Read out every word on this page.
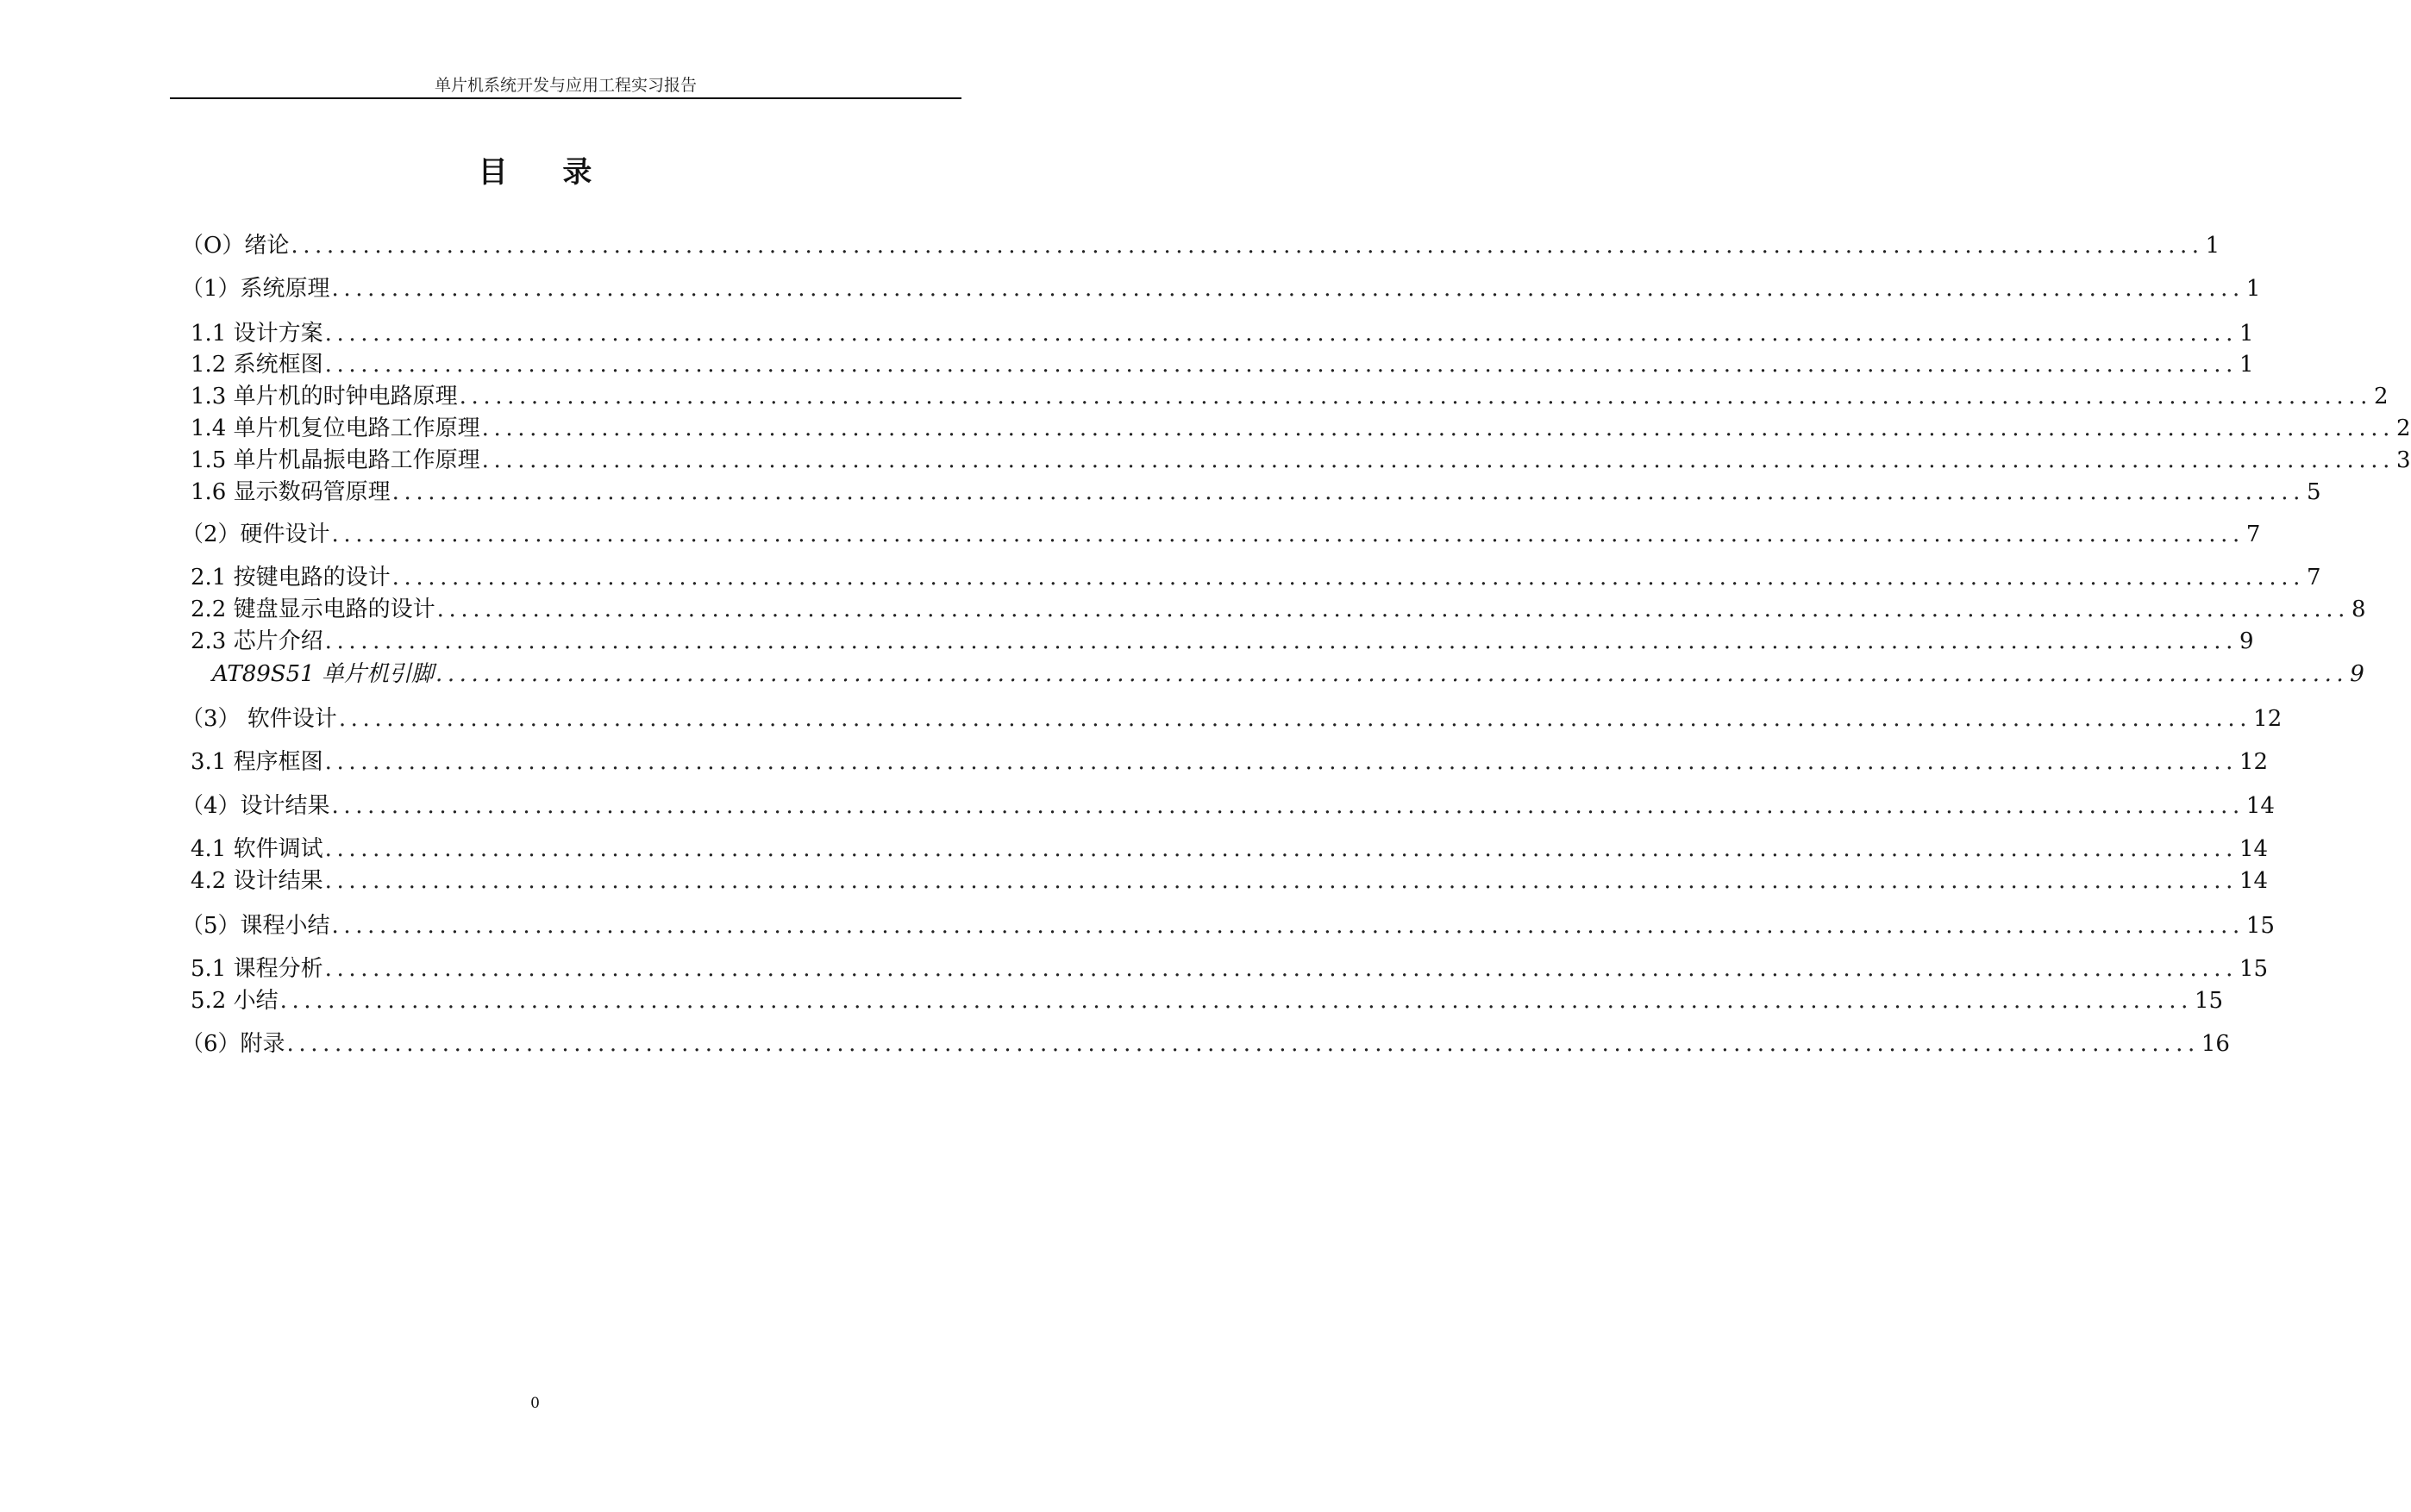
单片机系统开发与应用工程实习报告
目 录
（O）绪论 ................................................................................................................................................................ 1
（1）系统原理 ................................................................................................................................................................ 1
1.1 设计方案 ................................................................................................................................................................ 1
1.2 系统框图 ................................................................................................................................................................ 1
1.3 单片机的时钟电路原理 ................................................................................................................................................................ 2
1.4 单片机复位电路工作原理 ................................................................................................................................................................ 2
1.5 单片机晶振电路工作原理 ................................................................................................................................................................ 3
1.6 显示数码管原理 ................................................................................................................................................................ 5
（2）硬件设计 ................................................................................................................................................................ 7
2.1 按键电路的设计 ................................................................................................................................................................ 7
2.2 键盘显示电路的设计 ................................................................................................................................................................ 8
2.3 芯片介绍 ................................................................................................................................................................ 9
AT89S51 单片机引脚 ................................................................................................................................................................ 9
（3） 软件设计 ................................................................................................................................................................ 12
3.1 程序框图 ................................................................................................................................................................ 12
（4）设计结果 ................................................................................................................................................................ 14
4.1 软件调试 ................................................................................................................................................................ 14
4.2 设计结果 ................................................................................................................................................................ 14
（5）课程小结 ................................................................................................................................................................ 15
5.1 课程分析 ................................................................................................................................................................ 15
5.2 小结 ................................................................................................................................................................ 15
（6）附录 ................................................................................................................................................................ 16
0
